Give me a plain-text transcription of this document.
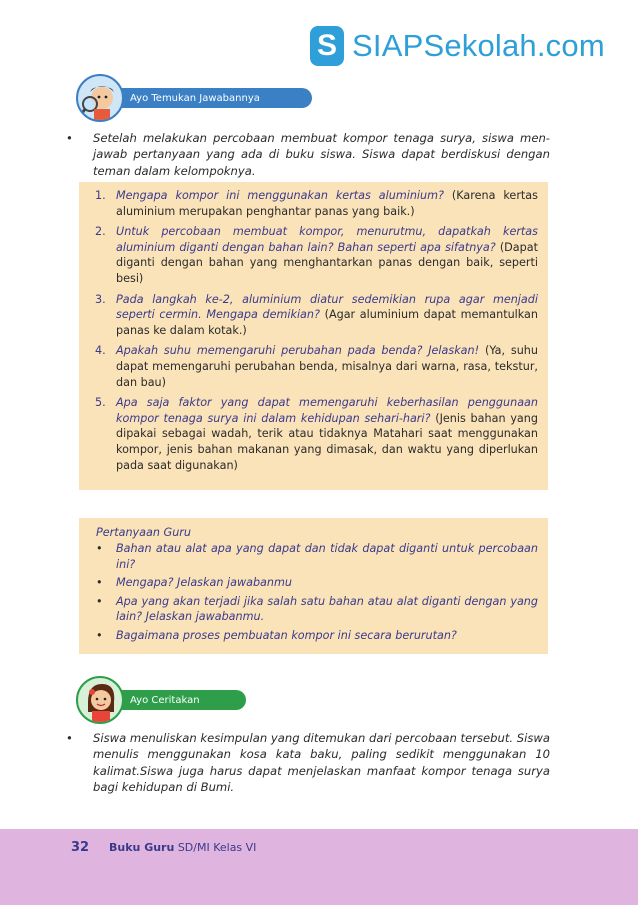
S SIAPSekolah.com
Ayo Temukan Jawabannya
• Setelah melakukan percobaan membuat kompor tenaga surya, siswa men-jawab pertanyaan yang ada di buku siswa. Siswa dapat berdiskusi dengan teman dalam kelompoknya.
1. Mengapa kompor ini menggunakan kertas aluminium? (Karena kertas aluminium merupakan penghantar panas yang baik.)
2. Untuk percobaan membuat kompor, menurutmu, dapatkah kertas aluminium diganti dengan bahan lain? Bahan seperti apa sifatnya? (Dapat diganti dengan bahan yang menghantarkan panas dengan baik, seperti besi)
3. Pada langkah ke-2, aluminium diatur sedemikian rupa agar menjadi seperti cermin. Mengapa demikian? (Agar aluminium dapat memantulkan panas ke dalam kotak.)
4. Apakah suhu memengaruhi perubahan pada benda? Jelaskan! (Ya, suhu dapat memengaruhi perubahan benda, misalnya dari warna, rasa, tekstur, dan bau)
5. Apa saja faktor yang dapat memengaruhi keberhasilan penggunaan kompor tenaga surya ini dalam kehidupan sehari-hari? (Jenis bahan yang dipakai sebagai wadah, terik atau tidaknya Matahari saat menggunakan kompor, jenis bahan makanan yang dimasak, dan waktu yang diperlukan pada saat digunakan)
Pertanyaan Guru
• Bahan atau alat apa yang dapat dan tidak dapat diganti untuk percobaan ini?
• Mengapa? Jelaskan jawabanmu
• Apa yang akan terjadi jika salah satu bahan atau alat diganti dengan yang lain? Jelaskan jawabanmu.
• Bagaimana proses pembuatan kompor ini secara berurutan?
Ayo Ceritakan
• Siswa menuliskan kesimpulan yang ditemukan dari percobaan tersebut. Siswa menulis menggunakan kosa kata baku, paling sedikit menggunakan 10 kalimat.Siswa juga harus dapat menjelaskan manfaat kompor tenaga surya bagi kehidupan di Bumi.
32 Buku Guru SD/MI Kelas VI
